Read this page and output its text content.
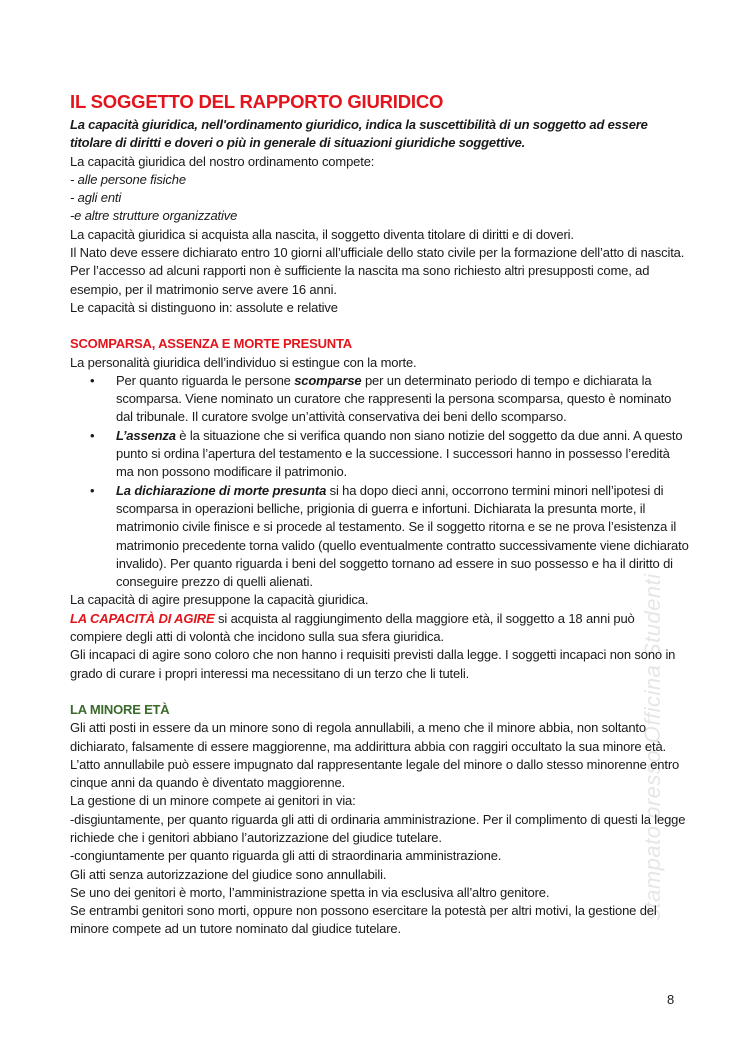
stampato presso Officina Studenti
IL SOGGETTO DEL RAPPORTO GIURIDICO

La capacità giuridica, nell'ordinamento giuridico, indica la suscettibilità di un soggetto ad essere titolare di diritti e doveri o più in generale di situazioni giuridiche soggettive.

La capacità giuridica del nostro ordinamento compete:

- alle persone fisiche

- agli enti

-e altre strutture organizzative

La capacità giuridica si acquista alla nascita, il soggetto diventa titolare di diritti e di doveri.

Il Nato deve essere dichiarato entro 10 giorni all’ufficiale dello stato civile per la formazione dell’atto di nascita. Per l’accesso ad alcuni rapporti non è sufficiente la nascita ma sono richiesto altri presupposti come, ad esempio, per il matrimonio serve avere 16 anni.

Le capacità si distinguono in: assolute e relative

SCOMPARSA, ASSENZA E MORTE PRESUNTA

La personalità giuridica dell’individuo si estingue con la morte.

• Per quanto riguarda le persone scomparse per un determinato periodo di tempo e dichiarata la scomparsa. Viene nominato un curatore che rappresenti la persona scomparsa, questo è nominato dal tribunale. Il curatore svolge un’attività conservativa dei beni dello scomparso.
• L’assenza è la situazione che si verifica quando non siano notizie del soggetto da due anni. A questo punto si ordina l’apertura del testamento e la successione. I successori hanno in possesso l’eredità ma non possono modificare il patrimonio.
• La dichiarazione di morte presunta si ha dopo dieci anni, occorrono termini minori nell’ipotesi di scomparsa in operazioni belliche, prigionia di guerra e infortuni. Dichiarata la presunta morte, il matrimonio civile finisce e si procede al testamento. Se il soggetto ritorna e se ne prova l’esistenza il matrimonio precedente torna valido (quello eventualmente contratto successivamente viene dichiarato invalido). Per quanto riguarda i beni del soggetto tornano ad essere in suo possesso e ha il diritto di conseguire prezzo di quelli alienati.

La capacità di agire presuppone la capacità giuridica.

LA CAPACITÀ DI AGIRE si acquista al raggiungimento della maggiore età, il soggetto a 18 anni può compiere degli atti di volontà che incidono sulla sua sfera giuridica.

Gli incapaci di agire sono coloro che non hanno i requisiti previsti dalla legge. I soggetti incapaci non sono in grado di curare i propri interessi ma necessitano di un terzo che li tuteli.

LA MINORE ETÀ

Gli atti posti in essere da un minore sono di regola annullabili, a meno che il minore abbia, non soltanto dichiarato, falsamente di essere maggiorenne, ma addirittura abbia con raggiri occultato la sua minore età. L’atto annullabile può essere impugnato dal rappresentante legale del minore o dallo stesso minorenne entro cinque anni da quando è diventato maggiorenne.

La gestione di un minore compete ai genitori in via:

-disgiuntamente, per quanto riguarda gli atti di ordinaria amministrazione. Per il complimento di questi la legge richiede che i genitori abbiano l’autorizzazione del giudice tutelare.

-congiuntamente per quanto riguarda gli atti di straordinaria amministrazione.

Gli atti senza autorizzazione del giudice sono annullabili.

Se uno dei genitori è morto, l’amministrazione spetta in via esclusiva all’altro genitore.

Se entrambi genitori sono morti, oppure non possono esercitare la potestà per altri motivi, la gestione del minore compete ad un tutore nominato dal giudice tutelare.

8
